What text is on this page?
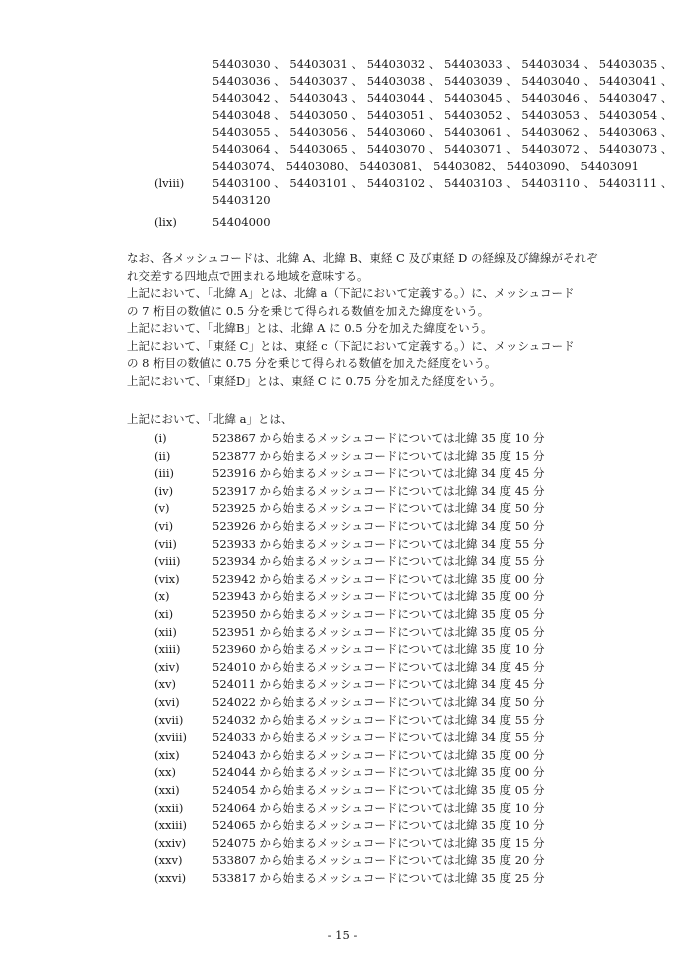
54403030 、 54403031 、 54403032 、 54403033 、 54403034 、 54403035 、
54403036 、 54403037 、 54403038 、 54403039 、 54403040 、 54403041 、
54403042 、 54403043 、 54403044 、 54403045 、 54403046 、 54403047 、
54403048 、 54403050 、 54403051 、 54403052 、 54403053 、 54403054 、
54403055 、 54403056 、 54403060 、 54403061 、 54403062 、 54403063 、
54403064 、 54403065 、 54403070 、 54403071 、 54403072 、 54403073 、
54403074、 54403080、 54403081、 54403082、 54403090、 54403091
(lviii) 54403100 、 54403101 、 54403102 、 54403103 、 54403110 、 54403111 、
54403120
(lix)	54404000
なお、各メッシュコードは、北緯 A、北緯 B、東経 C 及び東経 D の経線及び緯線がそれぞ
れ交差する四地点で囲まれる地域を意味する。
上記において、「北緯 A」とは、北緯 a（下記において定義する。）に、メッシュコード
の 7 桁目の数値に 0.5 分を乗じて得られる数値を加えた緯度をいう。
上記において、「北緯B」とは、北緯 A に 0.5 分を加えた緯度をいう。
上記において、「東経 C」とは、東経 c（下記において定義する。）に、メッシュコード
の 8 桁目の数値に 0.75 分を乗じて得られる数値を加えた経度をいう。
上記において、「東経D」とは、東経 C に 0.75 分を加えた経度をいう。
上記において、「北緯 a」とは、
(i)	523867 から始まるメッシュコードについては北緯 35 度 10 分
(ii)	523877 から始まるメッシュコードについては北緯 35 度 15 分
(iii)	523916 から始まるメッシュコードについては北緯 34 度 45 分
(iv)	523917 から始まるメッシュコードについては北緯 34 度 45 分
(v)	523925 から始まるメッシュコードについては北緯 34 度 50 分
(vi)	523926 から始まるメッシュコードについては北緯 34 度 50 分
(vii)	523933 から始まるメッシュコードについては北緯 34 度 55 分
(viii)	523934 から始まるメッシュコードについては北緯 34 度 55 分
(vix)	523942 から始まるメッシュコードについては北緯 35 度 00 分
(x)	523943 から始まるメッシュコードについては北緯 35 度 00 分
(xi)	523950 から始まるメッシュコードについては北緯 35 度 05 分
(xii)	523951 から始まるメッシュコードについては北緯 35 度 05 分
(xiii)	523960 から始まるメッシュコードについては北緯 35 度 10 分
(xiv)	524010 から始まるメッシュコードについては北緯 34 度 45 分
(xv)	524011 から始まるメッシュコードについては北緯 34 度 45 分
(xvi)	524022 から始まるメッシュコードについては北緯 34 度 50 分
(xvii) 524032 から始まるメッシュコードについては北緯 34 度 55 分
(xviii) 524033 から始まるメッシュコードについては北緯 34 度 55 分
(xix)	524043 から始まるメッシュコードについては北緯 35 度 00 分
(xx)	524044 から始まるメッシュコードについては北緯 35 度 00 分
(xxi)	524054 から始まるメッシュコードについては北緯 35 度 05 分
(xxii) 524064 から始まるメッシュコードについては北緯 35 度 10 分
(xxiii) 524065 から始まるメッシュコードについては北緯 35 度 10 分
(xxiv) 524075 から始まるメッシュコードについては北緯 35 度 15 分
(xxv)	533807 から始まるメッシュコードについては北緯 35 度 20 分
(xxvi) 533817 から始まるメッシュコードについては北緯 35 度 25 分
- 15 -
